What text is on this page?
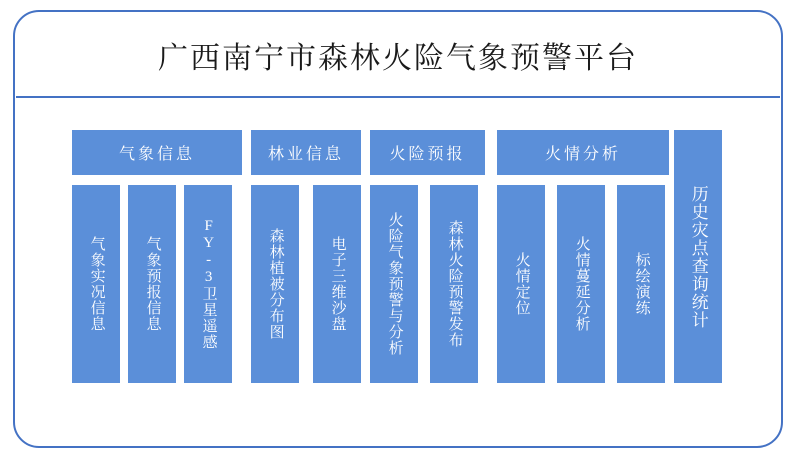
广西南宁市森林火险气象预警平台
气象信息	林业信息	火险预报	火情分析
气象实况信息	气象预报信息	FY-3卫星遥感	森林植被分布图	电子三维沙盘	火险气象预警与分析	森林火险预警发布	火情定位	火情蔓延分析	标绘演练 历史灾点查询统计
